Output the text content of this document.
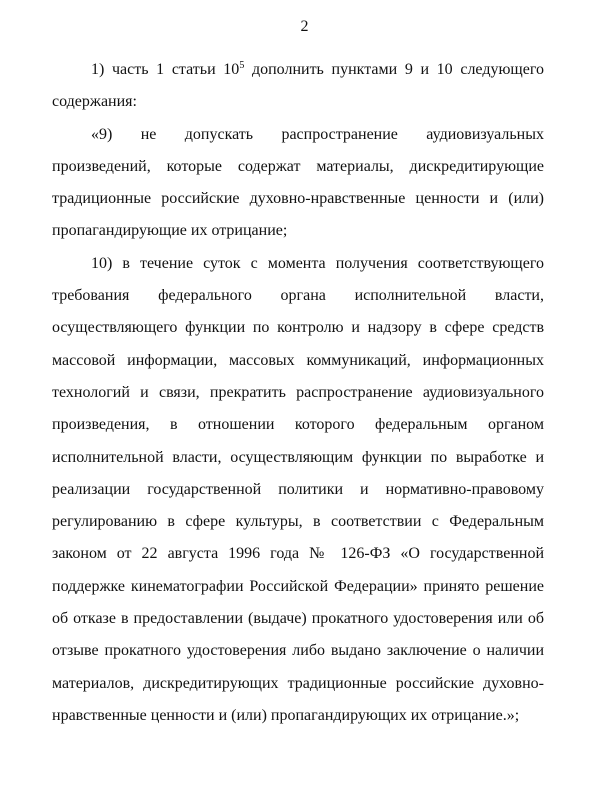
2

1) часть 1 статьи $10^5$ дополнить пунктами 9 и 10 следующего содержания:

«9) не допускать распространение аудиовизуальных произведений, которые содержат материалы, дискредитирующие традиционные российские духовно-нравственные ценности и (или) пропагандирующие их отрицание;

10) в течение суток с момента получения соответствующего требования федерального органа исполнительной власти, осуществляющего функции по контролю и надзору в сфере средств массовой информации, массовых коммуникаций, информационных технологий и связи, прекратить распространение аудиовизуального произведения, в отношении которого федеральным органом исполнительной власти, осуществляющим функции по выработке и реализации государственной политики и нормативно-правовому регулированию в сфере культуры, в соответствии с Федеральным законом от 22 августа 1996 года № 126-ФЗ «О государственной поддержке кинематографии Российской Федерации» принято решение об отказе в предоставлении (выдаче) прокатного удостоверения или об отзыве прокатного удостоверения либо выдано заключение о наличии материалов, дискредитирующих традиционные российские духовно-нравственные ценности и (или) пропагандирующих их отрицание.»;
